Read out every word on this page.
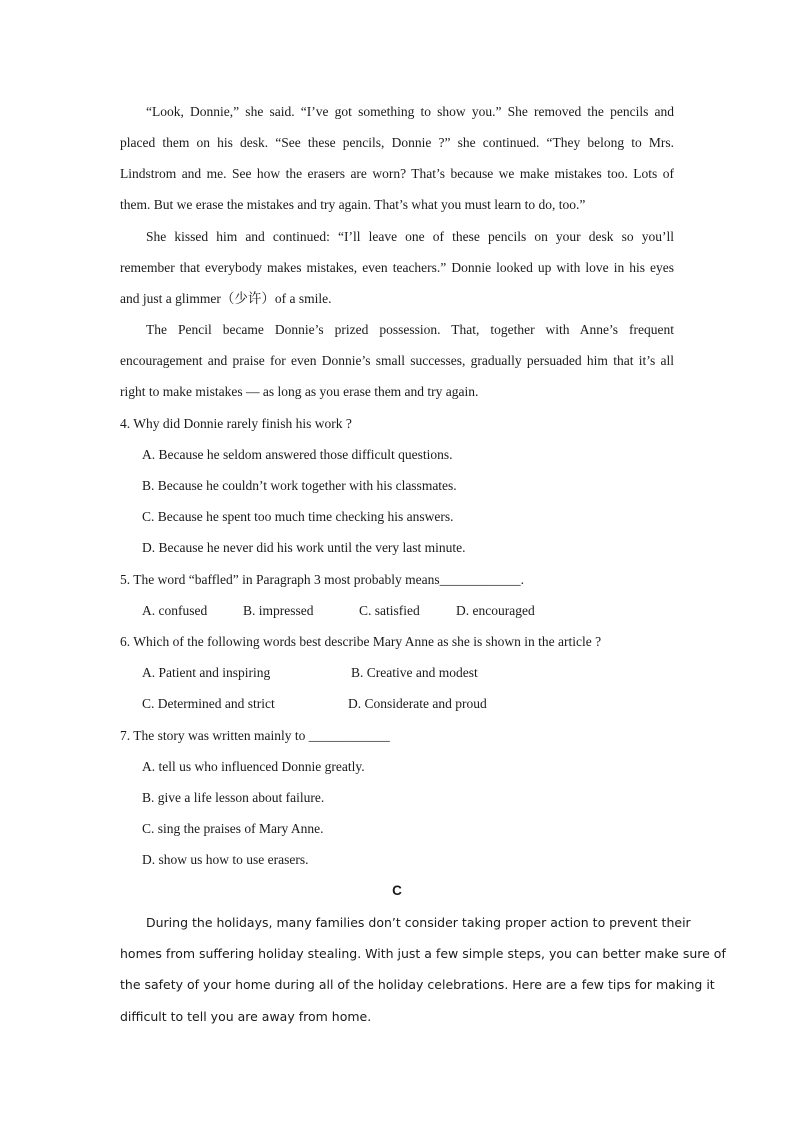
“Look, Donnie,” she said. “I’ve got something to show you.” She removed the pencils and
placed them on his desk. “See these pencils, Donnie ?” she continued. “They belong to Mrs.
Lindstrom and me. See how the erasers are worn? That’s because we make mistakes too. Lots of
them. But we erase the mistakes and try again. That’s what you must learn to do, too.”
She kissed him and continued: “I’ll leave one of these pencils on your desk so you’ll
remember that everybody makes mistakes, even teachers.” Donnie looked up with love in his eyes
and just a glimmer（少许）of a smile.
The Pencil became Donnie’s prized possession. That, together with Anne’s frequent
encouragement and praise for even Donnie’s small successes, gradually persuaded him that it’s all
right to make mistakes — as long as you erase them and try again.
4. Why did Donnie rarely finish his work ?
A. Because he seldom answered those difficult questions.
B. Because he couldn’t work together with his classmates.
C. Because he spent too much time checking his answers.
D. Because he never did his work until the very last minute.
5. The word “baffled” in Paragraph 3 most probably means____________.
A. confused	B. impressed	C. satisfied	D. encouraged
6. Which of the following words best describe Mary Anne as she is shown in the article ?
A. Patient and inspiring	B. Creative and modest
C. Determined and strict	D. Considerate and proud
7. The story was written mainly to ____________
A. tell us who influenced Donnie greatly.
B. give a life lesson about failure.
C. sing the praises of Mary Anne.
D. show us how to use erasers.
C
During the holidays, many families don’t consider taking proper action to prevent their
homes from suffering holiday stealing. With just a few simple steps, you can better make sure of
the safety of your home during all of the holiday celebrations. Here are a few tips for making it
difficult to tell you are away from home.
